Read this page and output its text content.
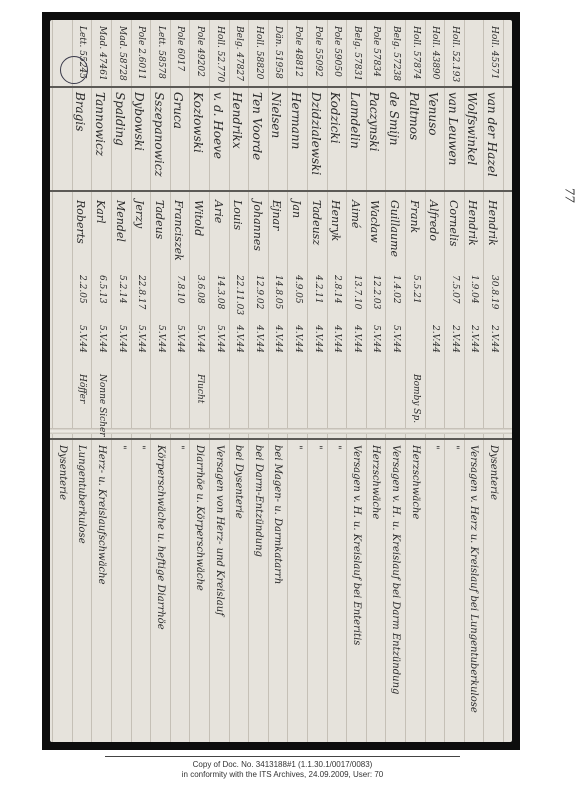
Holl. 45571
van der Hazel
Hendrik
30.8.19
2.V.44
Dysenterie
Wolfswinkel
Hendrik
1.9.04
2.V.44
Versagen v. Herz u. Kreislauf bei Lungentuberkulose
Holl. 52.193
van Leuwen
Cornelis
7.5.07
2.V.44
"
Holl. 43890
Venuso
Alfredo
2.V.44
"
Holl. 57874
Paltmos
Frank
5.5.21
Bomby Sp.
Herzschwäche
Belg. 57238
de Smijn
Guillaume
1.4.02
5.V.44
Versagen v. H. u. Kreislauf bei Darm Entzündung
Pole 57834
Paczynski
Wacław
12.2.03
5.V.44
Herzschwäche
Belg. 57831
Lamdelin
Aimé
13.7.10
4.V.44
Versagen v. H. u. Kreislauf bei Enteritis
Pole 59050
Kodzicki
Henryk
2.8.14
4.V.44
"
Pole 55092
Dzidzialewski
Tadeusz
4.2.11
4.V.44
"
Pole 48812
Hermann
Jan
4.9.05
4.V.44
"
Dän. 51958
Nielsen
Ejnar
14.8.05
4.V.44
bei Magen- u. Darmkatarrh
Holl. 58820
Ten Voorde
Johannes
12.9.02
4.V.44
bei Darm-Entzündung
Belg. 47827
Hendrikx
Louis
22.11.03
4.V.44
bei Dysenterie
Holl. 52.770
v. d. Hoeve
Arie
14.3.08
5.V.44
Versagen von Herz- und Kreislauf
Pole 49202
Kozłowski
Witold
3.6.08
5.V.44
Flucht
Diarrhöe u. Körperschwäche
Pole 6017
Gruca
Franciszek
7.8.10
5.V.44
"
Lett. 58578
Sszepanowicz
Tadeus
5.V.44
Körperschwäche u. heftige Diarrhöe
Pole 2.6011
Dybowski
Jerzy
22.8.17
5.V.44
"
Mad. 58728
Spalding
Mendel
5.2.14
5.V.44
"
Mad. 47461
Tannowicz
Karl
6.5.13
5.V.44
Nonne Sicher
Herz- u. Kreislaufschwäche
Lett. 55245
Bragis
Roberts
2.2.05
5.V.44
Höffer
Lungentuberkulose
Dysenterie
77
Copy of Doc. No. 3413188#1 (1.1.30.1/0017/0083)
in conformity with the ITS Archives, 24.09.2009, User: 70
